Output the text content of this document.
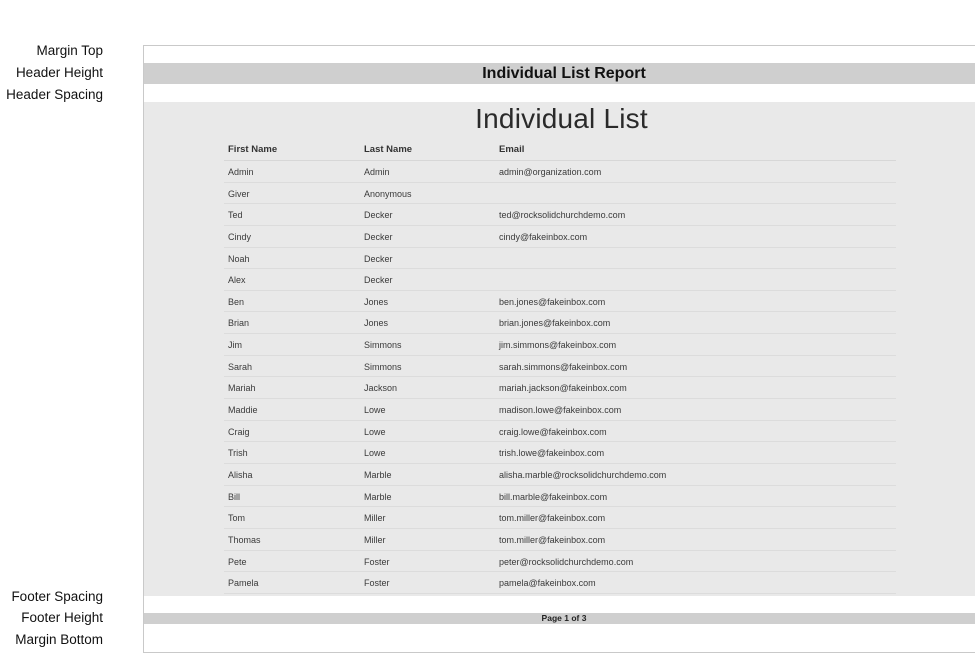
Margin Top
Header Height
Header Spacing
Footer Spacing
Footer Height
Margin Bottom
Individual List Report
Individual List
First Name	Last Name	Email
Admin	Admin	admin@organization.com
Giver	Anonymous
Ted	Decker	ted@rocksolidchurchdemo.com
Cindy	Decker	cindy@fakeinbox.com
Noah	Decker
Alex	Decker
Ben	Jones	ben.jones@fakeinbox.com
Brian	Jones	brian.jones@fakeinbox.com
Jim	Simmons	jim.simmons@fakeinbox.com
Sarah	Simmons	sarah.simmons@fakeinbox.com
Mariah	Jackson	mariah.jackson@fakeinbox.com
Maddie	Lowe	madison.lowe@fakeinbox.com
Craig	Lowe	craig.lowe@fakeinbox.com
Trish	Lowe	trish.lowe@fakeinbox.com
Alisha	Marble	alisha.marble@rocksolidchurchdemo.com
Bill	Marble	bill.marble@fakeinbox.com
Tom	Miller	tom.miller@fakeinbox.com
Thomas	Miller	tom.miller@fakeinbox.com
Pete	Foster	peter@rocksolidchurchdemo.com
Pamela	Foster	pamela@fakeinbox.com
Page 1 of 3
